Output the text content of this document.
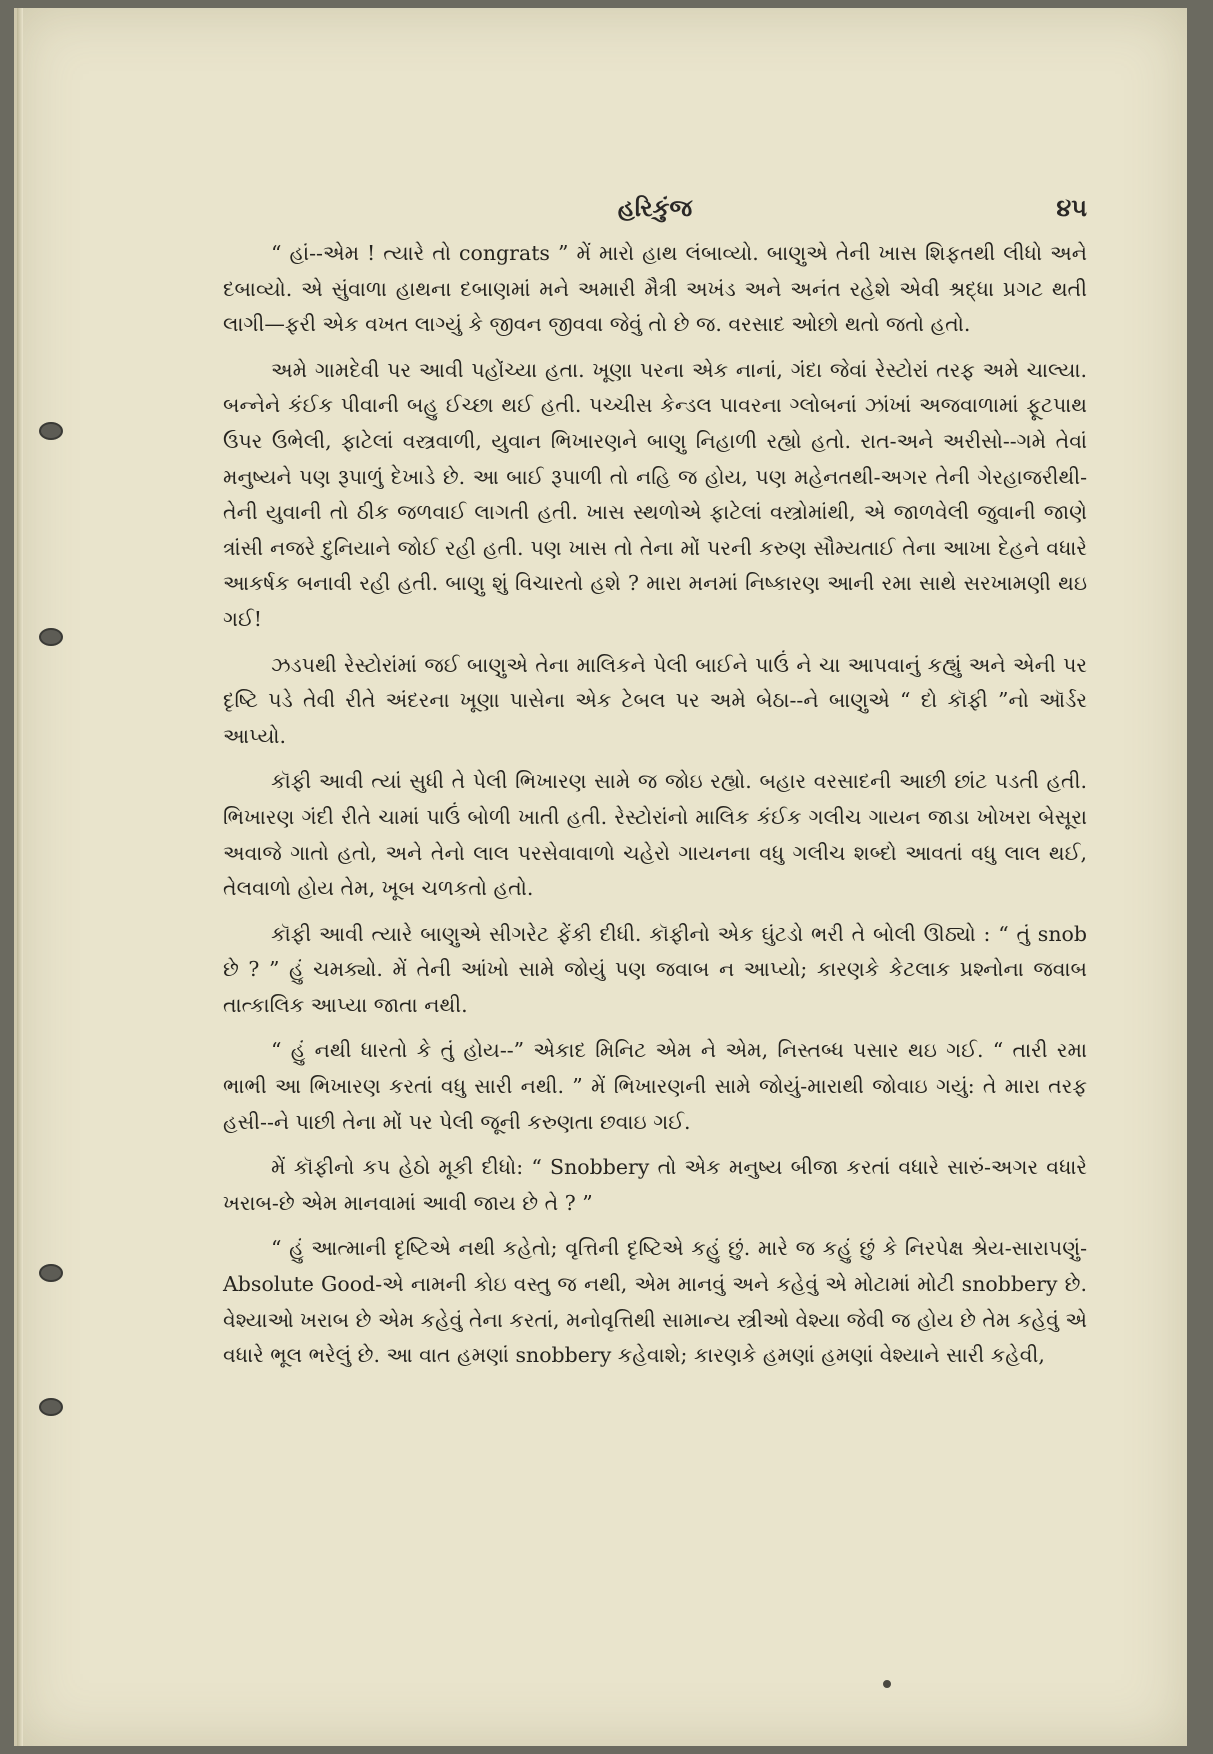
હરિકુંજ	૪૫

“ હાં--એમ ! ત્યારે તો congrats ” મેં મારો હાથ લંબાવ્યો. બાણુએ તેની ખાસ શિફતથી લીધો અને દબાવ્યો. એ સુંવાળા હાથના દબાણમાં મને અમારી મૈત્રી અખંડ અને અનંત રહેશે એવી શ્રદ્ધા પ્રગટ થતી લાગી—ફરી એક વખત લાગ્યું કે જીવન જીવવા જેવું તો છે જ. વરસાદ ઓછો થતો જતો હતો.

અમે ગામદેવી પર આવી પહોંચ્યા હતા. ખૂણા પરના એક નાનાં, ગંદા જેવાં રેસ્ટોરાં તરફ અમે ચાલ્યા. બન્નેને કંઈક પીવાની બહુ ઈચ્છા થઈ હતી. પચ્ચીસ કેન્ડલ પાવરના ગ્લોબનાં ઝાંખાં અજવાળામાં ફૂટપાથ ઉપર ઉભેલી, ફાટેલાં વસ્ત્રવાળી, યુવાન ભિખારણને બાણુ નિહાળી રહ્યો હતો. રાત-અને અરીસો--ગમે તેવાં મનુષ્યને પણ રૂપાળું દેખાડે છે. આ બાઈ રૂપાળી તો નહિ જ હોય, પણ મહેનતથી-અગર તેની ગેરહાજરીથી-તેની યુવાની તો ઠીક જળવાઈ લાગતી હતી. ખાસ સ્થળોએ ફાટેલાં વસ્ત્રોમાંથી, એ જાળવેલી જુવાની જાણે ત્રાંસી નજરે દુનિયાને જોઈ રહી હતી. પણ ખાસ તો તેના મોં પરની કરુણ સૌમ્યતાઈ તેના આખા દેહને વધારે આકર્ષક બનાવી રહી હતી. બાણુ શું વિચારતો હશે ? મારા મનમાં નિષ્કારણ આની રમા સાથે સરખામણી થઇ ગઈ!

ઝડપથી રેસ્ટોરાંમાં જઈ બાણુએ તેના માલિકને પેલી બાઈને પાઉં ને ચા આપવાનું કહ્યું અને એની પર દૃષ્ટિ પડે તેવી રીતે અંદરના ખૂણા પાસેના એક ટેબલ પર અમે બેઠા--ને બાણુએ “ દો કૉફી ”નો ઑર્ડર આપ્યો.

કૉફી આવી ત્યાં સુધી તે પેલી ભિખારણ સામે જ જોઇ રહ્યો. બહાર વરસાદની આછી છાંટ પડતી હતી. ભિખારણ ગંદી રીતે ચામાં પાઉં બોળી ખાતી હતી. રેસ્ટોરાંનો માલિક કંઈક ગલીચ ગાયન જાડા ખોખરા બેસૂરા અવાજે ગાતો હતો, અને તેનો લાલ પરસેવાવાળો ચહેરો ગાયનના વધુ ગલીચ શબ્દો આવતાં વધુ લાલ થઈ, તેલવાળો હોય તેમ, ખૂબ ચળકતો હતો.

કૉફી આવી ત્યારે બાણુએ સીગરેટ ફેંકી દીધી. કૉફીનો એક ઘુંટડો ભરી તે બોલી ઊઠ્યો : “ તું snob છે ? ” હું ચમક્યો. મેં તેની આંખો સામે જોયું પણ જવાબ ન આપ્યો; કારણકે કેટલાક પ્રશ્નોના જવાબ તાત્કાલિક આપ્યા જાતા નથી.

“ હું નથી ધારતો કે તું હોય--” એકાદ મિનિટ એમ ને એમ, નિસ્તબ્ધ પસાર થઇ ગઈ. “ તારી રમા ભાભી આ ભિખારણ કરતાં વધુ સારી નથી. ” મેં ભિખારણની સામે જોયું-મારાથી જોવાઇ ગયું: તે મારા તરફ હસી--ને પાછી તેના મોં પર પેલી જૂની કરુણતા છવાઇ ગઈ.

મેં કૉફીનો કપ હેઠો મૂકી દીધો: “ Snobbery તો એક મનુષ્ય બીજા કરતાં વધારે સારું-અગર વધારે ખરાબ-છે એમ માનવામાં આવી જાય છે તે ? ”

“ હું આત્માની દૃષ્ટિએ નથી કહેતો; વૃત્તિની દૃષ્ટિએ કહું છું. મારે જ કહું છું કે નિરપેક્ષ શ્રેય-સારાપણું-Absolute Good-એ નામની કોઇ વસ્તુ જ નથી, એમ માનવું અને કહેવું એ મોટામાં મોટી snobbery છે. વેશ્યાઓ ખરાબ છે એમ કહેવું તેના કરતાં, મનોવૃત્તિથી સામાન્ય સ્ત્રીઓ વેશ્યા જેવી જ હોય છે તેમ કહેવું એ વધારે ભૂલ ભરેલું છે. આ વાત હમણાં snobbery કહેવાશે; કારણકે હમણાં હમણાં વેશ્યાને સારી કહેવી,
